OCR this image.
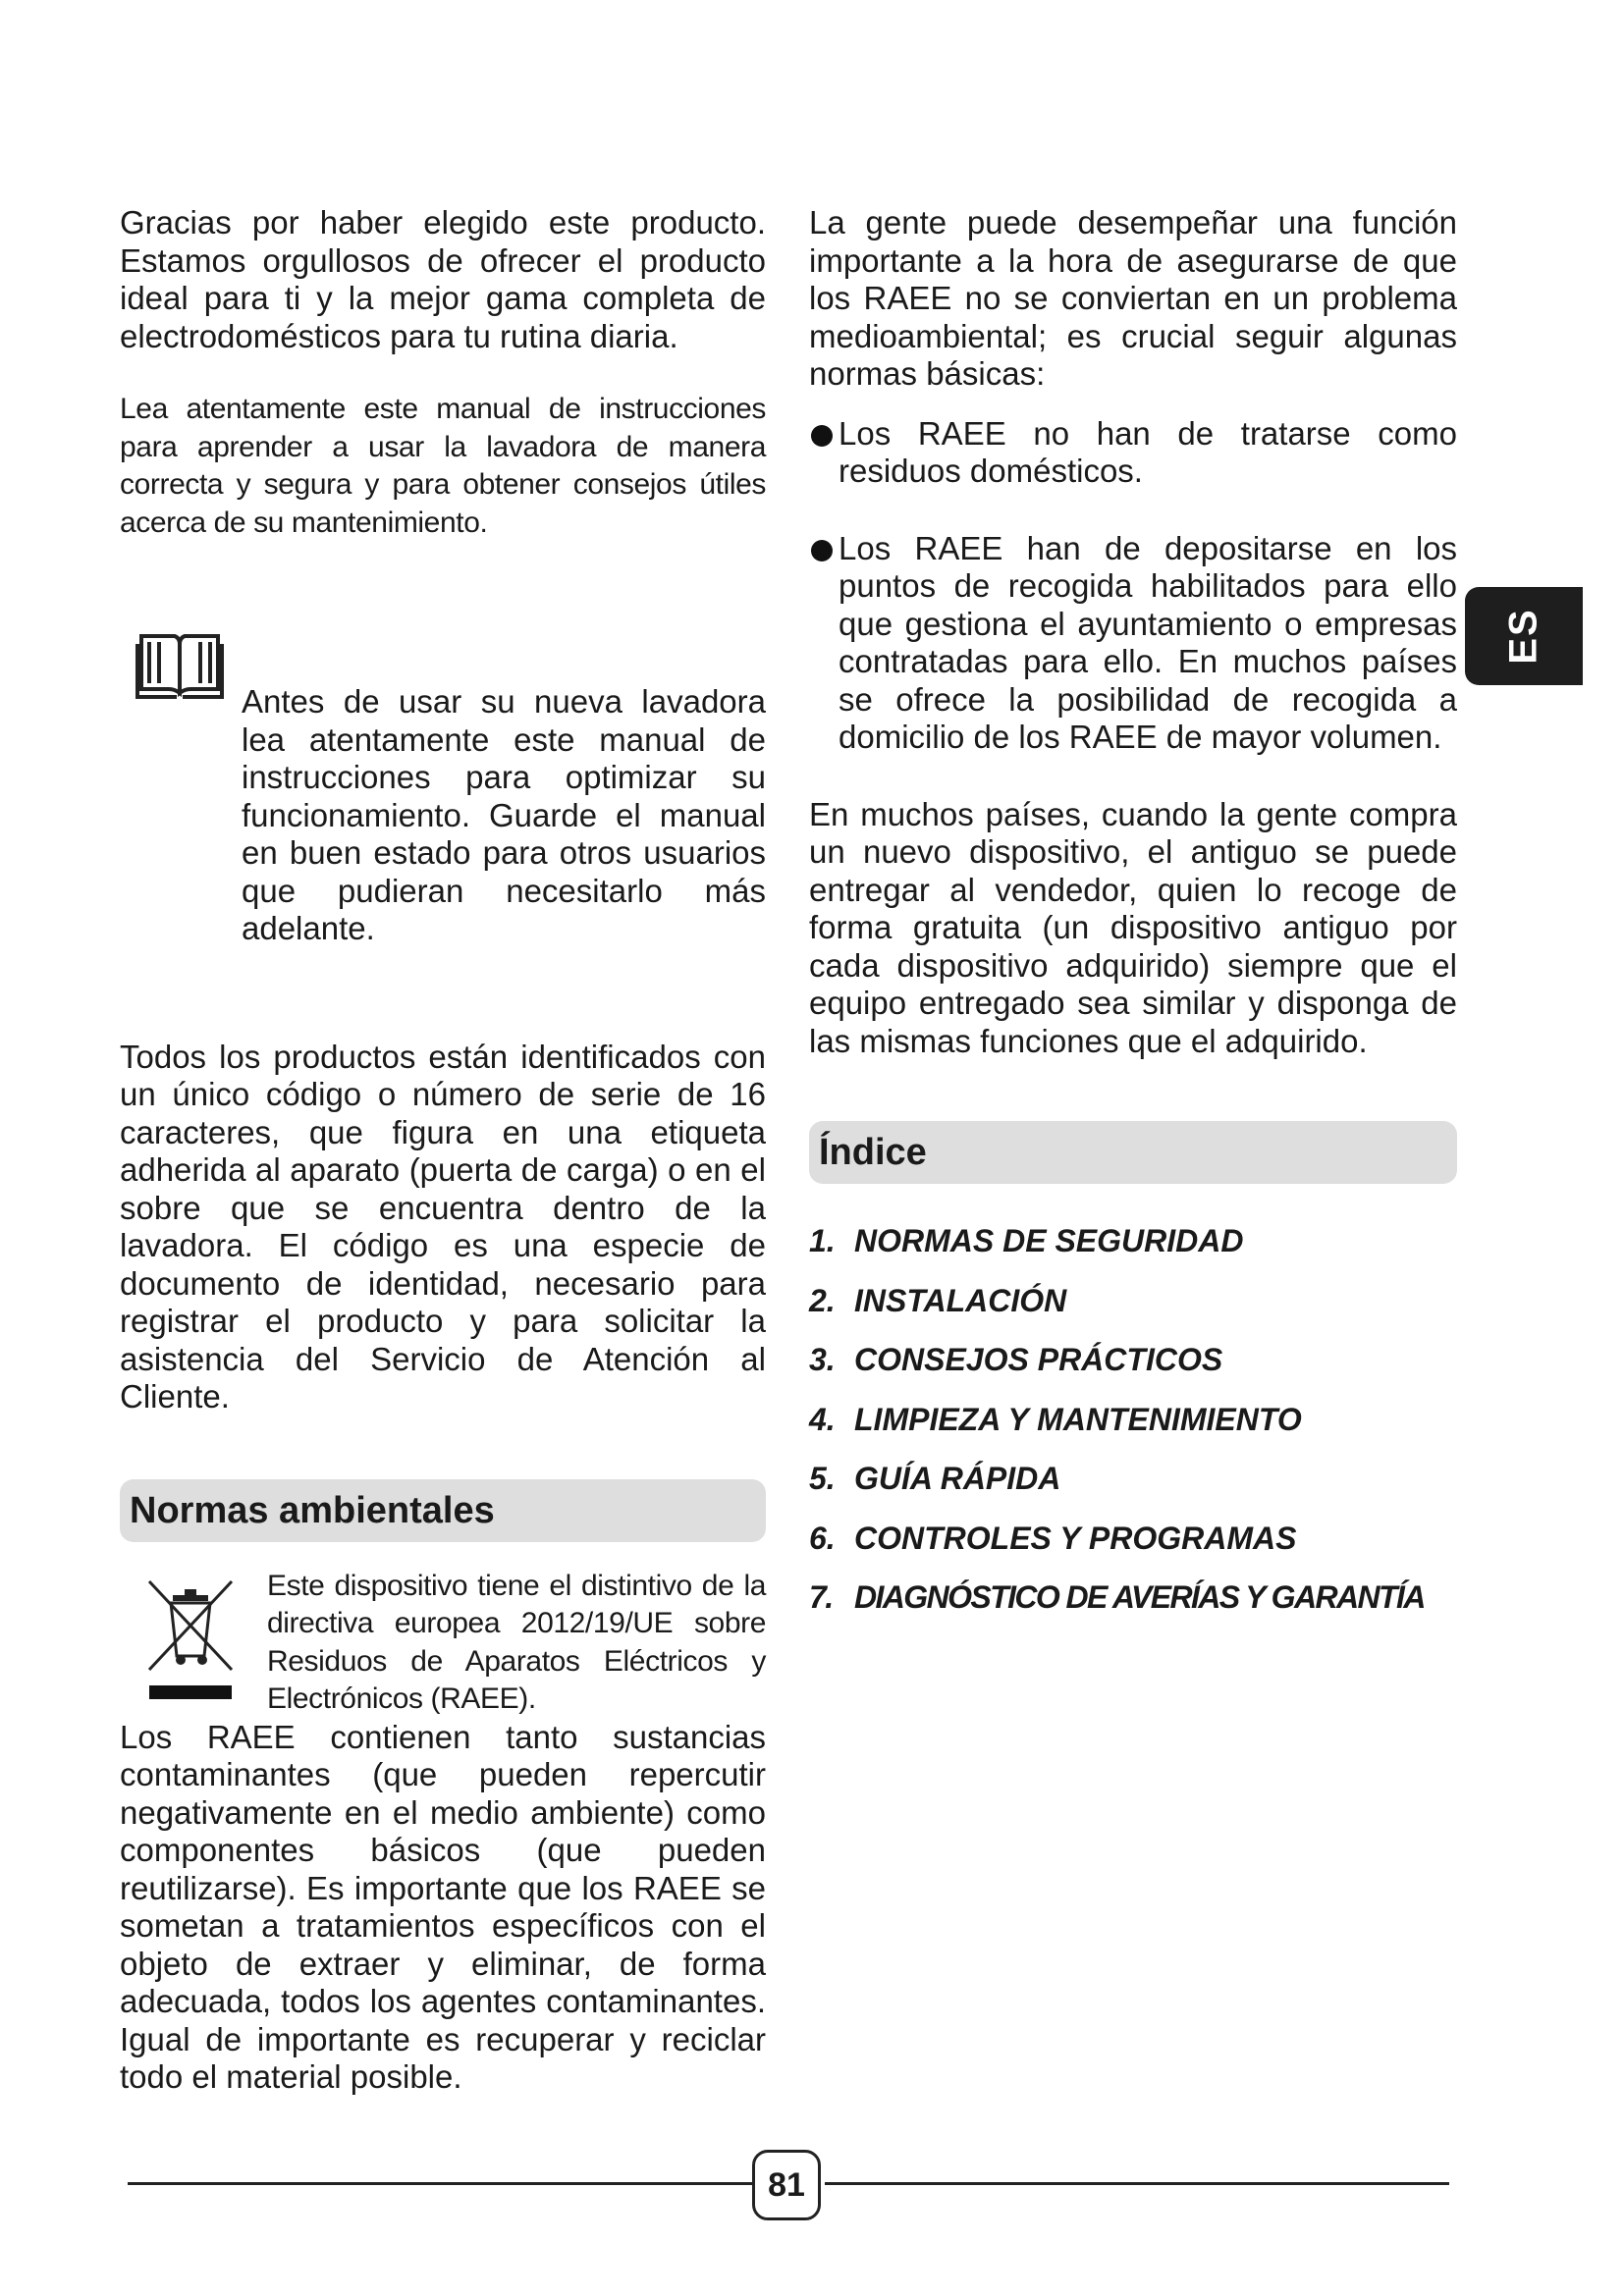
Gracias por haber elegido este producto. Estamos orgullosos de ofrecer el producto ideal para ti y la mejor gama completa de electrodomésticos para tu rutina diaria.

Lea atentamente este manual de instrucciones para aprender a usar la lavadora de manera correcta y segura y para obtener consejos útiles acerca de su mantenimiento.

Antes de usar su nueva lavadora lea atentamente este manual de instrucciones para optimizar su funcionamiento. Guarde el manual en buen estado para otros usuarios que pudieran necesitarlo más adelante.

Todos los productos están identificados con un único código o número de serie de 16 caracteres, que figura en una etiqueta adherida al aparato (puerta de carga) o en el sobre que se encuentra dentro de la lavadora. El código es una especie de documento de identidad, necesario para registrar el producto y para solicitar la asistencia del Servicio de Atención al Cliente.

Normas ambientales

Este dispositivo tiene el distintivo de la directiva europea 2012/19/UE sobre Residuos de Aparatos Eléctricos y Electrónicos (RAEE).

Los RAEE contienen tanto sustancias contaminantes (que pueden repercutir negativamente en el medio ambiente) como componentes básicos (que pueden reutilizarse). Es importante que los RAEE se sometan a tratamientos específicos con el objeto de extraer y eliminar, de forma adecuada, todos los agentes contaminantes. Igual de importante es recuperar y reciclar todo el material posible.

La gente puede desempeñar una función importante a la hora de asegurarse de que los RAEE no se conviertan en un problema medioambiental; es crucial seguir algunas normas básicas:

Los RAEE no han de tratarse como residuos domésticos.

Los RAEE han de depositarse en los puntos de recogida habilitados para ello que gestiona el ayuntamiento o empresas contratadas para ello. En muchos países se ofrece la posibilidad de recogida a domicilio de los RAEE de mayor volumen.

En muchos países, cuando la gente compra un nuevo dispositivo, el antiguo se puede entregar al vendedor, quien lo recoge de forma gratuita (un dispositivo antiguo por cada dispositivo adquirido) siempre que el equipo entregado sea similar y disponga de las mismas funciones que el adquirido.

Índice
1. NORMAS DE SEGURIDAD
2. INSTALACIÓN
3. CONSEJOS PRÁCTICOS
4. LIMPIEZA Y MANTENIMIENTO
5. GUÍA RÁPIDA
6. CONTROLES Y PROGRAMAS
7. DIAGNÓSTICO DE AVERÍAS Y GARANTÍA
ES
81
